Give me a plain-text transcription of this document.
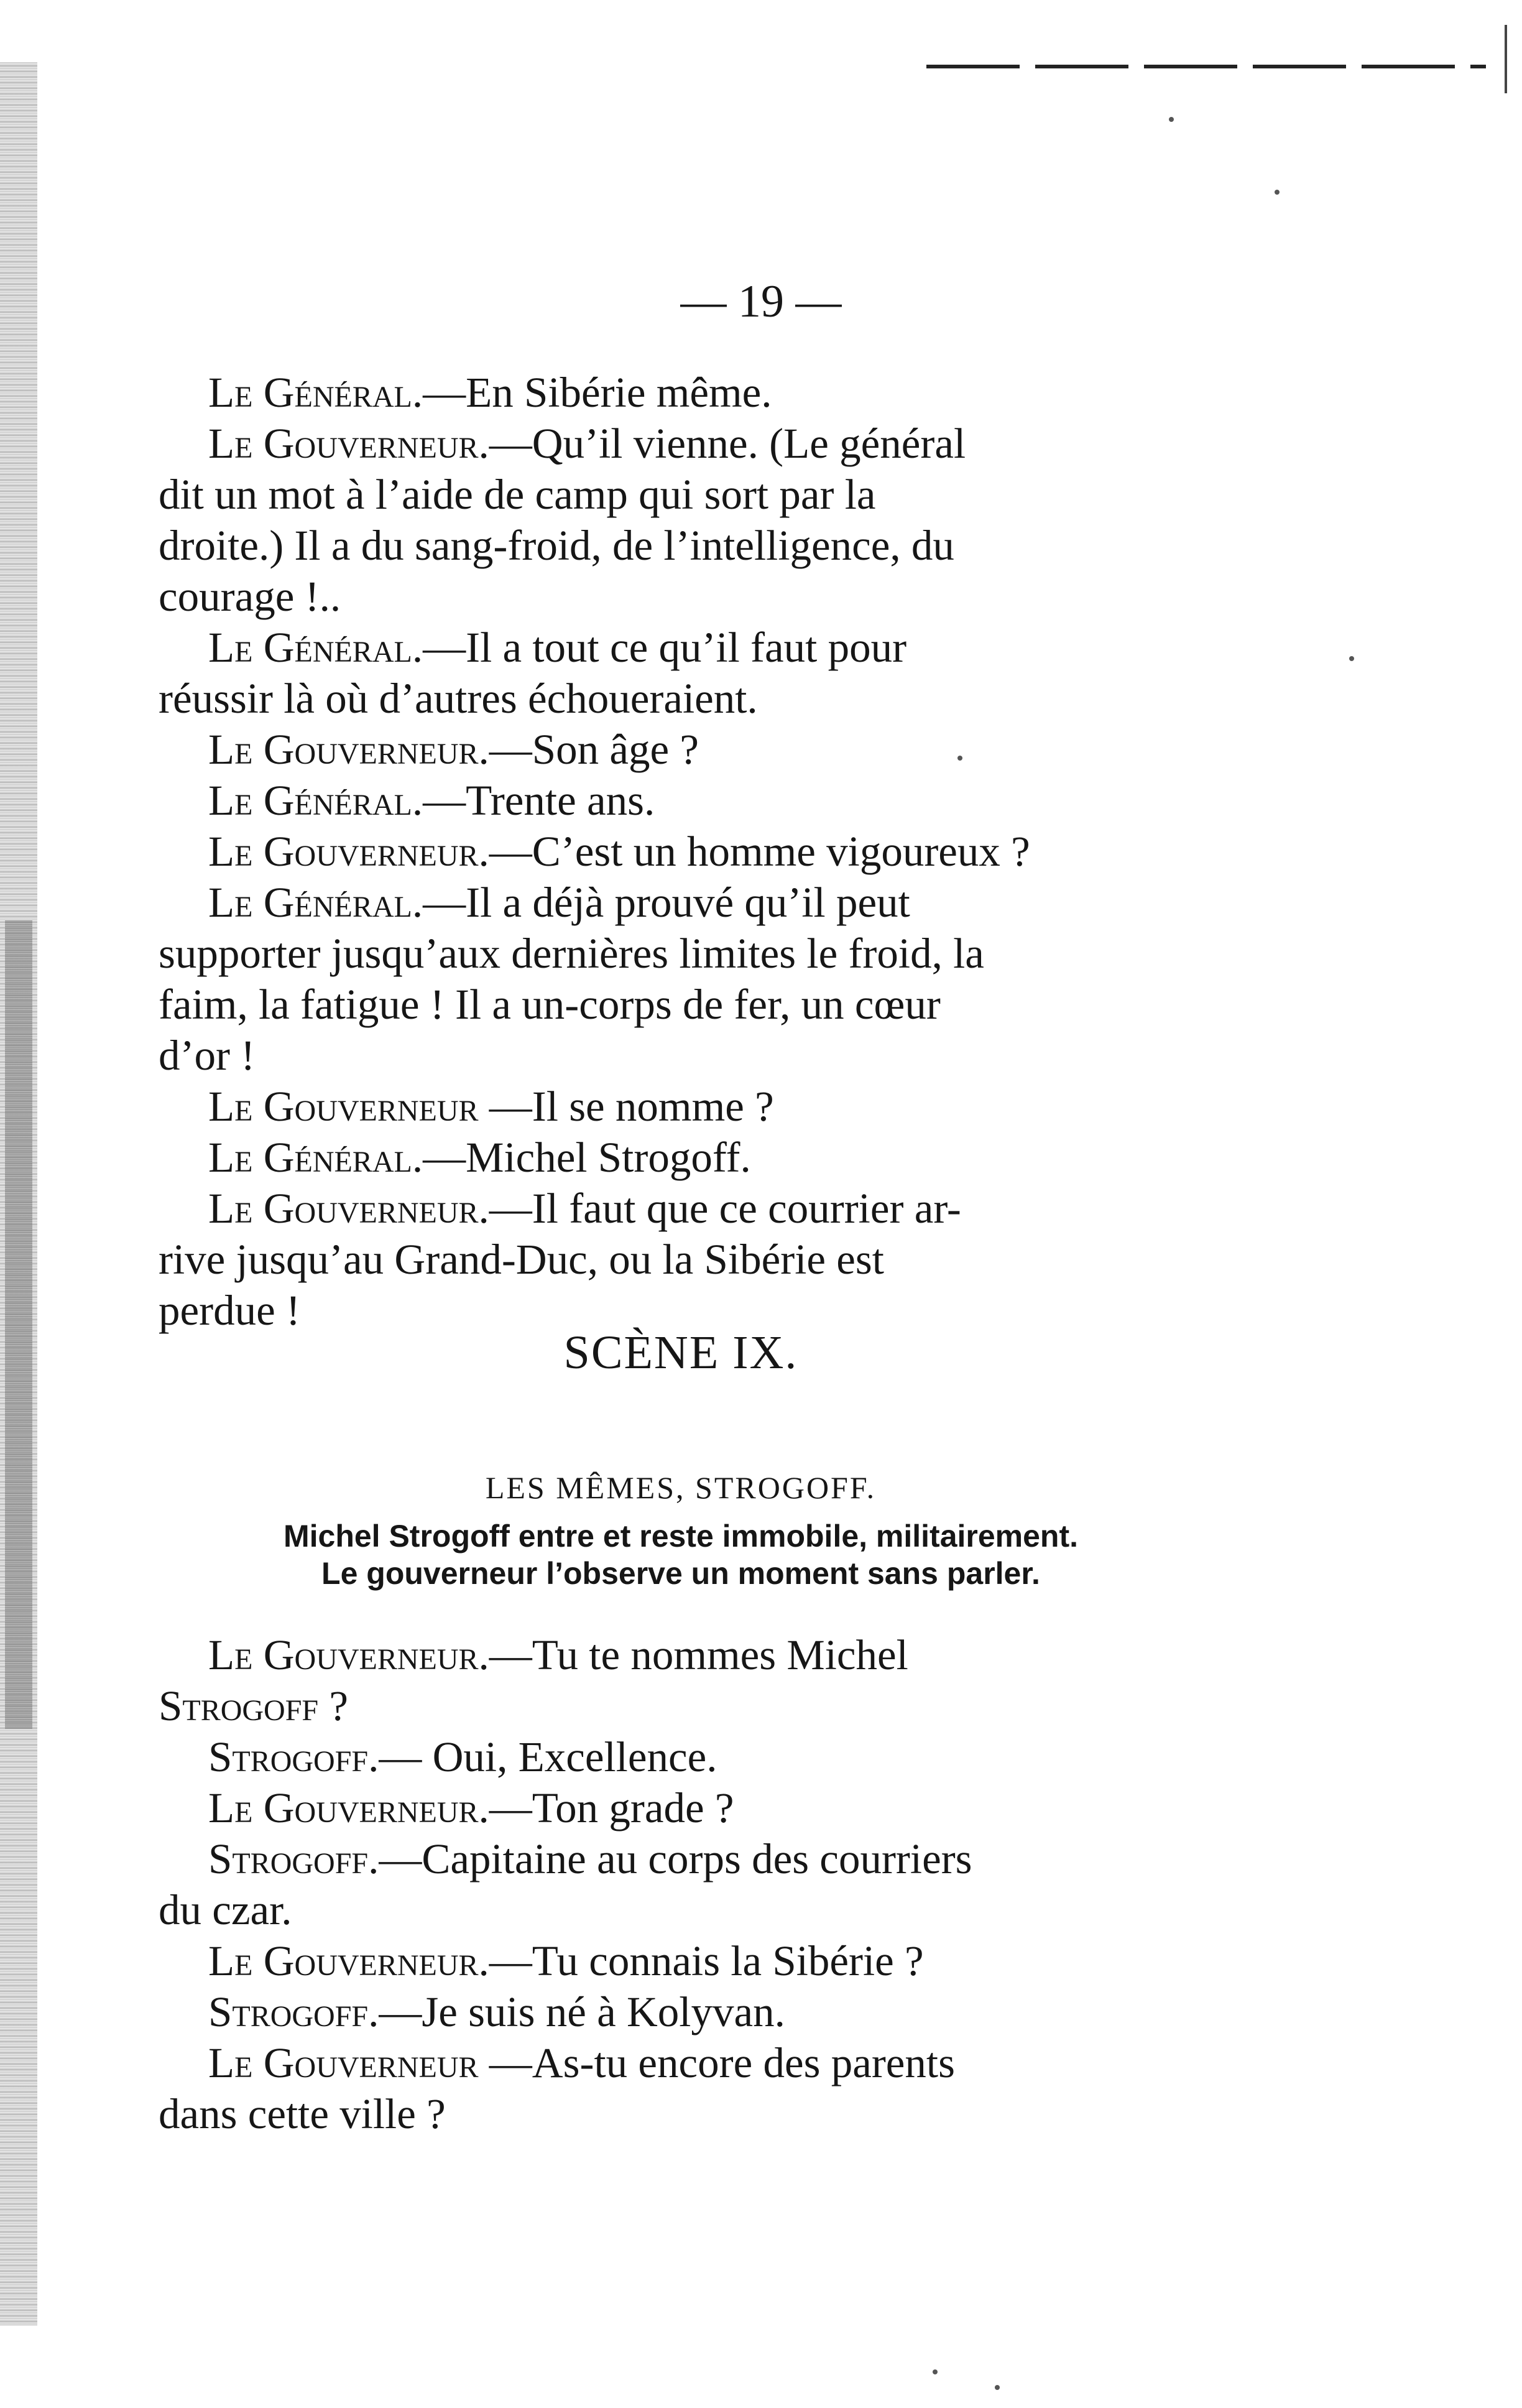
— 19 —
Le Général.—En Sibérie même.
Le Gouverneur.—Qu’il vienne. (Le général
dit un mot à l’aide de camp qui sort par la
droite.) Il a du sang-froid, de l’intelligence, du
courage !..
Le Général.—Il a tout ce qu’il faut pour
réussir là où d’autres échoueraient.
Le Gouverneur.—Son âge ?
Le Général.—Trente ans.
Le Gouverneur.—C’est un homme vigoureux ?
Le Général.—Il a déjà prouvé qu’il peut
supporter jusqu’aux dernières limites le froid, la
faim, la fatigue ! Il a un-corps de fer, un cœur
d’or !
Le Gouverneur —Il se nomme ?
Le Général.—Michel Strogoff.
Le Gouverneur.—Il faut que ce courrier ar-
rive jusqu’au Grand-Duc, ou la Sibérie est
perdue !
SCÈNE IX.
LES MÊMES, STROGOFF.
Michel Strogoff entre et reste immobile, militairement.
Le gouverneur l’observe un moment sans parler.
Le Gouverneur.—Tu te nommes Michel
Strogoff ?
Strogoff.— Oui, Excellence.
Le Gouverneur.—Ton grade ?
Strogoff.—Capitaine au corps des courriers
du czar.
Le Gouverneur.—Tu connais la Sibérie ?
Strogoff.—Je suis né à Kolyvan.
Le Gouverneur —As-tu encore des parents
dans cette ville ?
